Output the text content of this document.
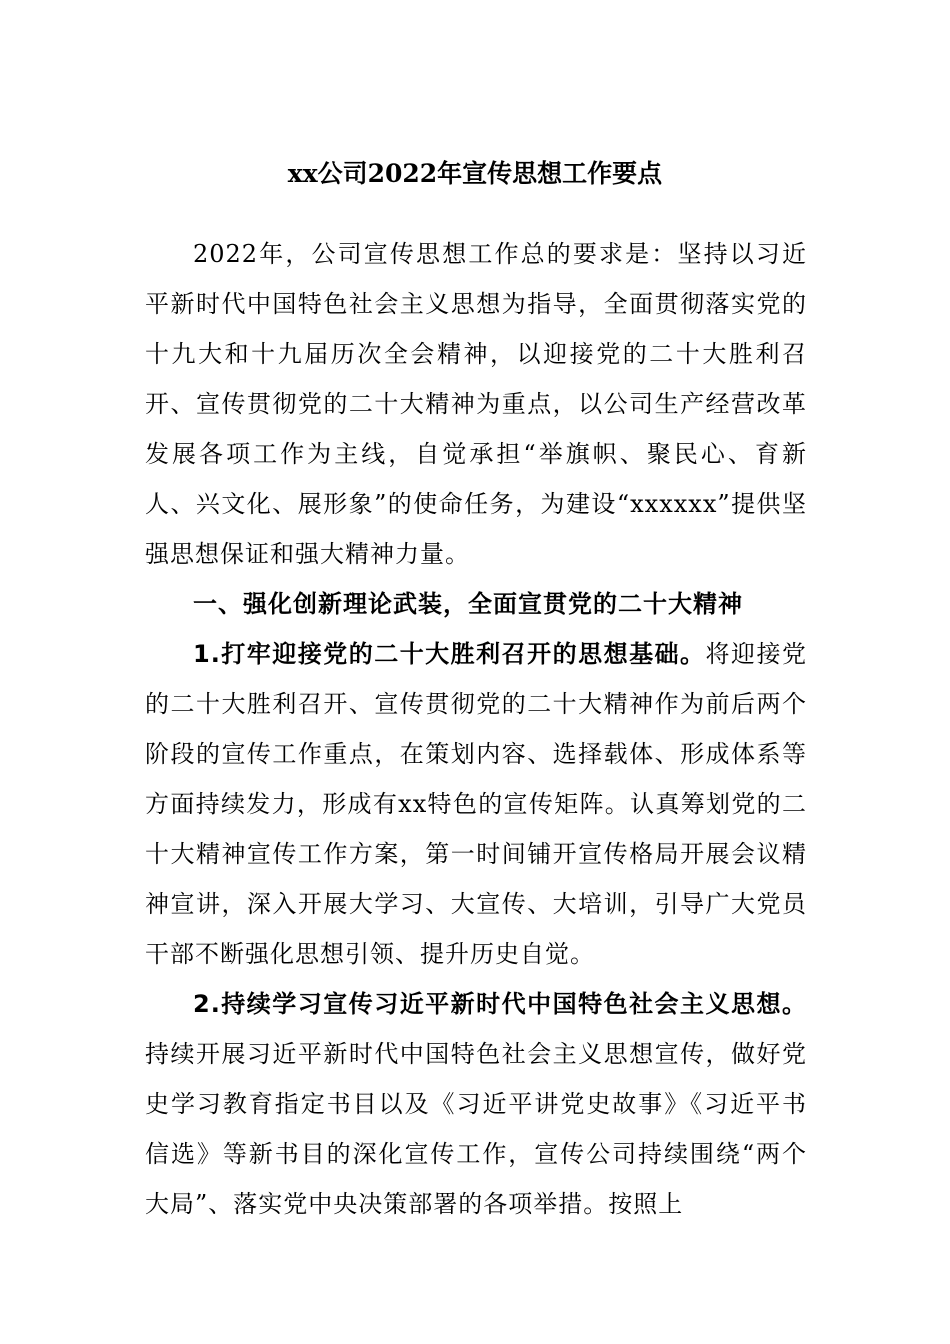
xx公司2022年宣传思想工作要点

2022年，公司宣传思想工作总的要求是：坚持以习近平新时代中国特色社会主义思想为指导，全面贯彻落实党的十九大和十九届历次全会精神，以迎接党的二十大胜利召开、宣传贯彻党的二十大精神为重点，以公司生产经营改革发展各项工作为主线，自觉承担“举旗帜、聚民心、育新人、兴文化、展形象”的使命任务，为建设“xxxxxx”提供坚强思想保证和强大精神力量。

一、强化创新理论武装，全面宣贯党的二十大精神

1.打牢迎接党的二十大胜利召开的思想基础。将迎接党的二十大胜利召开、宣传贯彻党的二十大精神作为前后两个阶段的宣传工作重点，在策划内容、选择载体、形成体系等方面持续发力，形成有xx特色的宣传矩阵。认真筹划党的二十大精神宣传工作方案，第一时间铺开宣传格局开展会议精神宣讲，深入开展大学习、大宣传、大培训，引导广大党员干部不断强化思想引领、提升历史自觉。

2.持续学习宣传习近平新时代中国特色社会主义思想。持续开展习近平新时代中国特色社会主义思想宣传，做好党史学习教育指定书目以及《习近平讲党史故事》《习近平书信选》等新书目的深化宣传工作，宣传公司持续围绕“两个大局”、落实党中央决策部署的各项举措。按照上
